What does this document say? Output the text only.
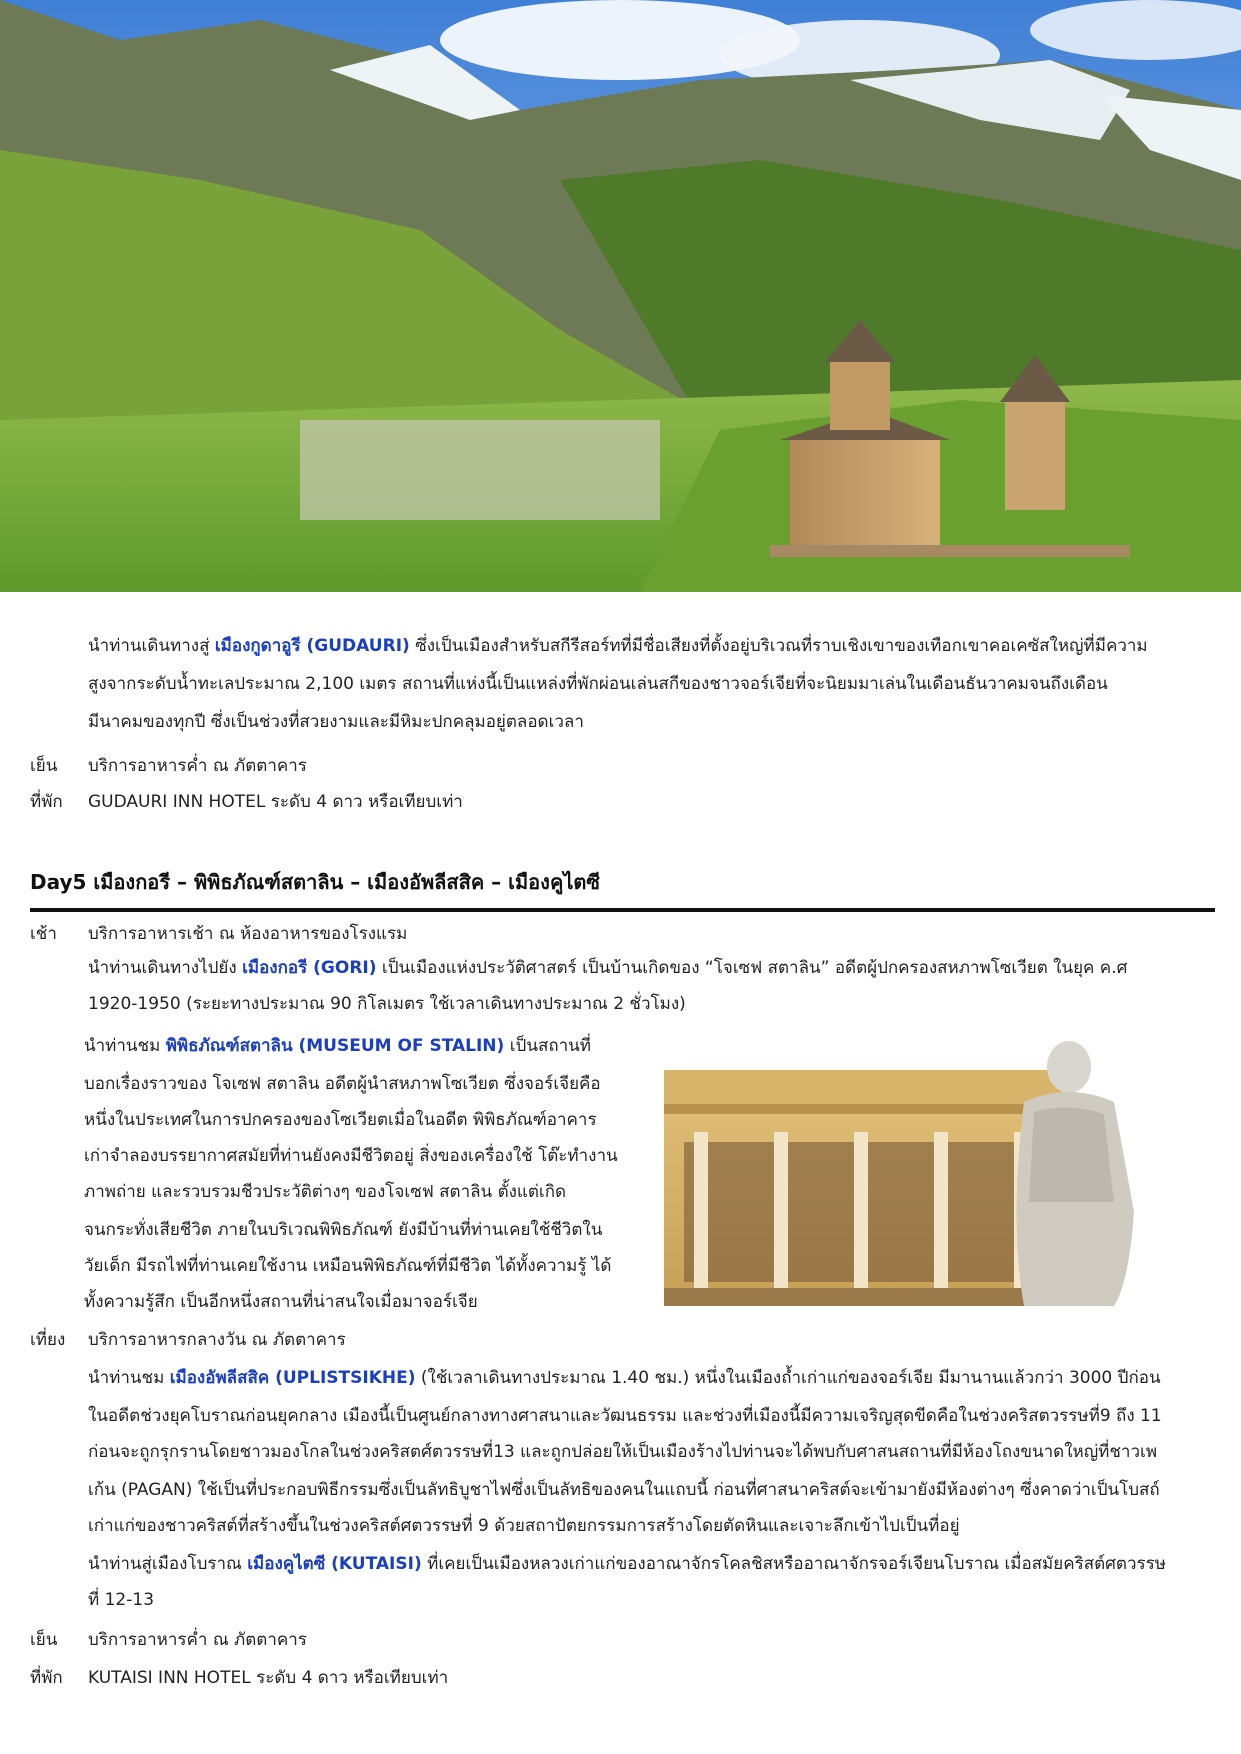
นำท่านเดินทางสู่ เมืองกูดาอูรี (GUDAURI) ซึ่งเป็นเมืองสำหรับสกีรีสอร์ทที่มีชื่อเสียงที่ตั้งอยู่บริเวณที่ราบเชิงเขาของเทือกเขาคอเคซัสใหญ่ที่มีความ
สูงจากระดับน้ำทะเลประมาณ 2,100 เมตร สถานที่แห่งนี้เป็นแหล่งที่พักผ่อนเล่นสกีของชาวจอร์เจียที่จะนิยมมาเล่นในเดือนธันวาคมจนถึงเดือน
มีนาคมของทุกปี ซึ่งเป็นช่วงที่สวยงามและมีหิมะปกคลุมอยู่ตลอดเวลา
เย็น	บริการอาหารค่ำ ณ ภัตตาคาร
ที่พัก	GUDAURI INN HOTEL ระดับ 4 ดาว หรือเทียบเท่า
Day5 เมืองกอรี – พิพิธภัณฑ์สตาลิน – เมืองอัพลีสสิค – เมืองคูไตซี
เช้า	บริการอาหารเช้า ณ ห้องอาหารของโรงแรม
นำท่านเดินทางไปยัง เมืองกอรี (GORI) เป็นเมืองแห่งประวัติศาสตร์ เป็นบ้านเกิดของ “โจเซฟ สตาลิน” อดีตผู้ปกครองสหภาพโซเวียต ในยุค ค.ศ
1920-1950 (ระยะทางประมาณ 90 กิโลเมตร ใช้เวลาเดินทางประมาณ 2 ชั่วโมง)
นำท่านชม พิพิธภัณฑ์สตาลิน (MUSEUM OF STALIN) เป็นสถานที่
บอกเรื่องราวของ โจเซฟ สตาลิน อดีตผู้นำสหภาพโซเวียต ซึ่งจอร์เจียคือ
หนึ่งในประเทศในการปกครองของโซเวียตเมื่อในอดีต พิพิธภัณฑ์อาคาร
เก่าจำลองบรรยากาศสมัยที่ท่านยังคงมีชีวิตอยู่ สิ่งของเครื่องใช้ โต๊ะทำงาน
ภาพถ่าย และรวบรวมชีวประวัติต่างๆ ของโจเซฟ สตาลิน ตั้งแต่เกิด
จนกระทั่งเสียชีวิต ภายในบริเวณพิพิธภัณฑ์ ยังมีบ้านที่ท่านเคยใช้ชีวิตใน
วัยเด็ก มีรถไฟที่ท่านเคยใช้งาน เหมือนพิพิธภัณฑ์ที่มีชีวิต ได้ทั้งความรู้ ได้
ทั้งความรู้สึก เป็นอีกหนึ่งสถานที่น่าสนใจเมื่อมาจอร์เจีย
เที่ยง	บริการอาหารกลางวัน ณ ภัตตาคาร
นำท่านชม เมืองอัพลีสสิค (UPLISTSIKHE) (ใช้เวลาเดินทางประมาณ 1.40 ชม.) หนึ่งในเมืองถ้ำเก่าแก่ของจอร์เจีย มีมานานแล้วกว่า 3000 ปีก่อน
ในอดีตช่วงยุคโบราณก่อนยุคกลาง เมืองนี้เป็นศูนย์กลางทางศาสนาและวัฒนธรรม และช่วงที่เมืองนี้มีความเจริญสุดขีดคือในช่วงคริสตวรรษที่9 ถึง 11
ก่อนจะถูกรุกรานโดยชาวมองโกลในช่วงคริสตศ์ตวรรษที่13 และถูกปล่อยให้เป็นเมืองร้างไปท่านจะได้พบกับศาสนสถานที่มีห้องโถงขนาดใหญ่ที่ชาวเพ
เก้น (PAGAN) ใช้เป็นที่ประกอบพิธีกรรมซึ่งเป็นลัทธิบูชาไฟซึ่งเป็นลัทธิของคนในแถบนี้ ก่อนที่ศาสนาคริสต์จะเข้ามายังมีห้องต่างๆ ซึ่งคาดว่าเป็นโบสถ์
เก่าแก่ของชาวคริสต์ที่สร้างขึ้นในช่วงคริสต์ศตวรรษที่ 9 ด้วยสถาปัตยกรรมการสร้างโดยตัดหินและเจาะลึกเข้าไปเป็นที่อยู่
นำท่านสู่เมืองโบราณ เมืองคูไตซี (KUTAISI) ที่เคยเป็นเมืองหลวงเก่าแก่ของอาณาจักรโคลชิสหรืออาณาจักรจอร์เจียนโบราณ เมื่อสมัยคริสต์ศตวรรษ
ที่ 12-13
เย็น	บริการอาหารค่ำ ณ ภัตตาคาร
ที่พัก	KUTAISI INN HOTEL ระดับ 4 ดาว หรือเทียบเท่า
